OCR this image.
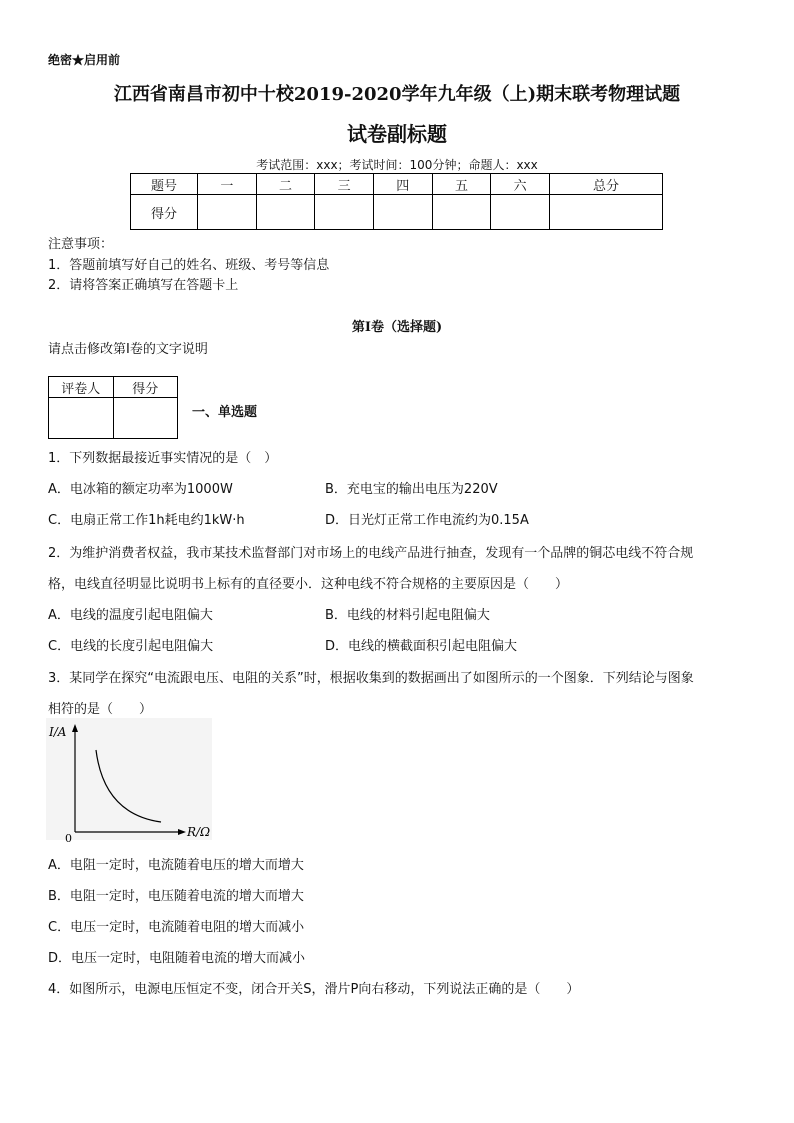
绝密★启用前
江西省南昌市初中十校2019-2020学年九年级（上)期末联考物理试题
试卷副标题
考试范围：xxx；考试时间：100分钟；命题人：xxx
题号	一	二	三	四	五	六	总分
得分							
注意事项：
1．答题前填写好自己的姓名、班级、考号等信息
2．请将答案正确填写在答题卡上
第I卷（选择题)
请点击修改第I卷的文字说明
评卷人	得分

一、单选题
1．下列数据最接近事实情况的是（　）
A．电冰箱的额定功率为1000W	B．充电宝的输出电压为220V
C．电扇正常工作1h耗电约1kW·h	D．日光灯正常工作电流约为0.15A
2．为维护消费者权益，我市某技术监督部门对市场上的电线产品进行抽查，发现有一个品牌的铜芯电线不符合规
格，电线直径明显比说明书上标有的直径要小．这种电线不符合规格的主要原因是（　　）
A．电线的温度引起电阻偏大	B．电线的材料引起电阻偏大
C．电线的长度引起电阻偏大	D．电线的横截面积引起电阻偏大
3．某同学在探究“电流跟电压、电阻的关系”时，根据收集到的数据画出了如图所示的一个图象．下列结论与图象
相符的是（　　）
I/A
R/Ω
0
A．电阻一定时，电流随着电压的增大而增大
B．电阻一定时，电压随着电流的增大而增大
C．电压一定时，电流随着电阻的增大而减小
D．电压一定时，电阻随着电流的增大而减小
4．如图所示，电源电压恒定不变，闭合开关S，滑片P向右移动，下列说法正确的是（　　）
